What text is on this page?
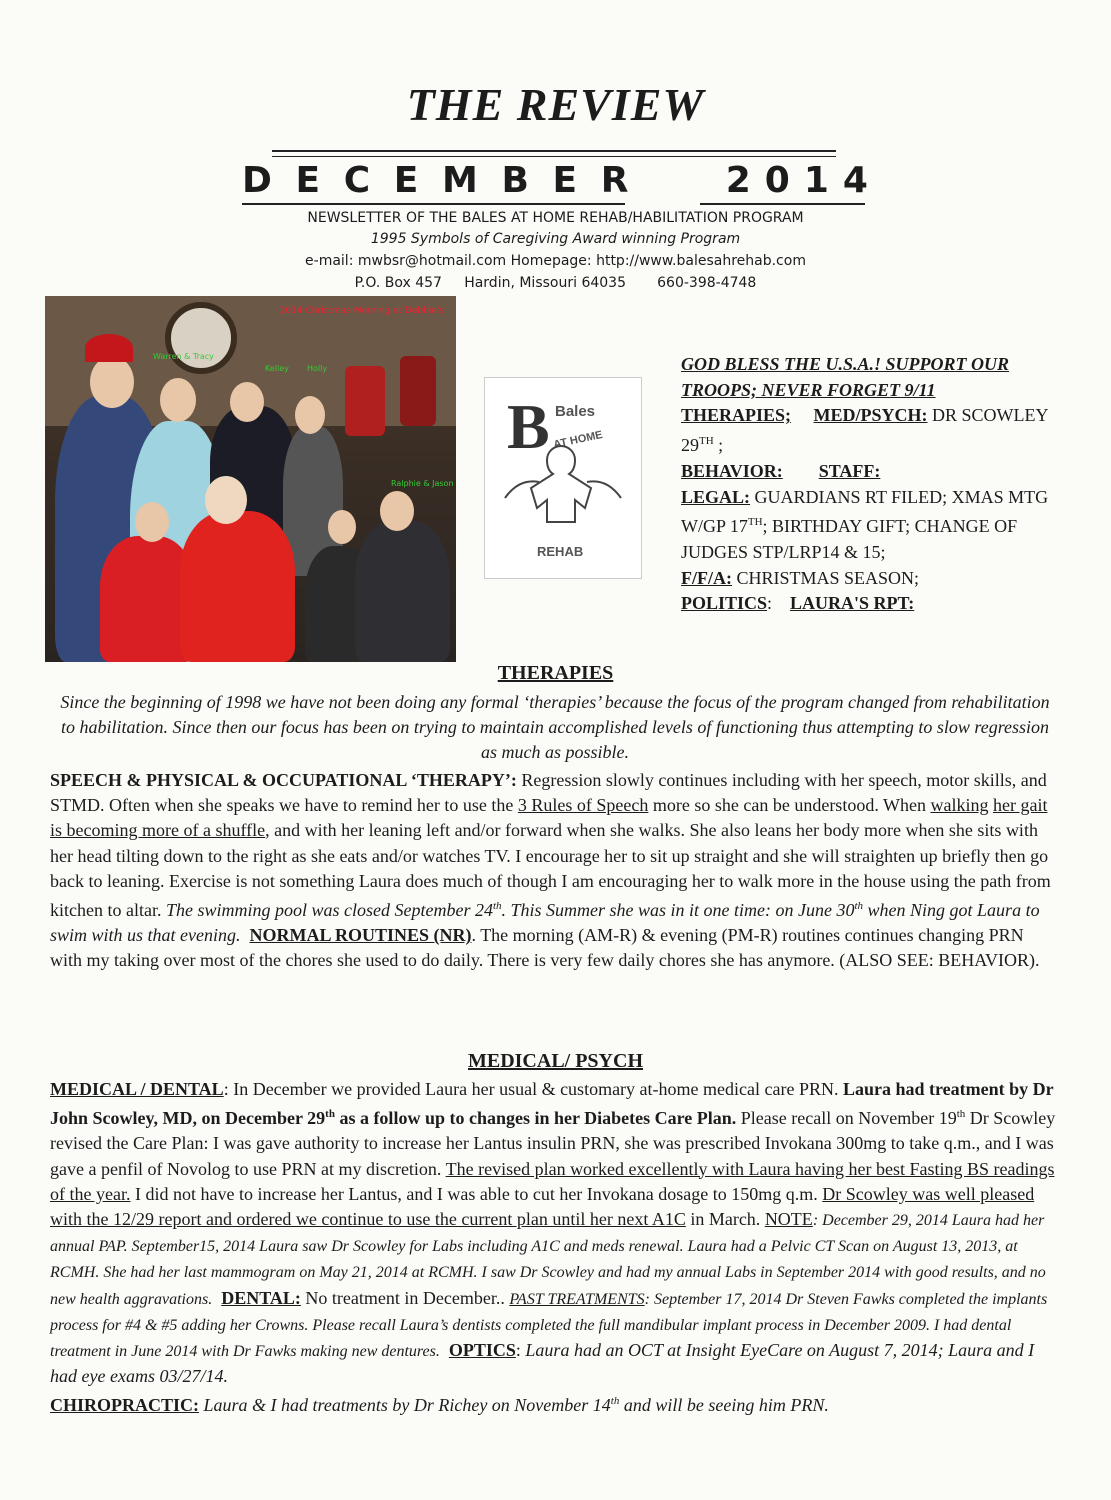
THE REVIEW
D E C E M B E R 2014
NEWSLETTER OF THE BALES AT HOME REHAB/HABILITATION PROGRAM
1995 Symbols of Caregiving Award winning Program
e-mail: mwbsr@hotmail.com Homepage: http://www.balesahrehab.com
P.O. Box 457 Hardin, Missouri 64035 660-398-4748
2014 Christmas Morning at Debbie's
Warren & Tracy
Kelley Holly
Ralphie & Jason
B Bales
AT HOME
REHAB
GOD BLESS THE U.S.A.! SUPPORT OUR TROOPS; NEVER FORGET 9/11
THERAPIES; MED/PSYCH: DR SCOWLEY 29TH ;
BEHAVIOR: STAFF:
LEGAL: GUARDIANS RT FILED; XMAS MTG W/GP 17TH; BIRTHDAY GIFT; CHANGE OF JUDGES STP/LRP14 & 15;
F/F/A: CHRISTMAS SEASON;
POLITICS: LAURA'S RPT:
THERAPIES
Since the beginning of 1998 we have not been doing any formal ‘therapies’ because the focus of the program changed from rehabilitation to habilitation. Since then our focus has been on trying to maintain accomplished levels of functioning thus attempting to slow regression as much as possible.
SPEECH & PHYSICAL & OCCUPATIONAL ‘THERAPY’: Regression slowly continues including with her speech, motor skills, and STMD. Often when she speaks we have to remind her to use the 3 Rules of Speech more so she can be understood. When walking her gait is becoming more of a shuffle, and with her leaning left and/or forward when she walks. She also leans her body more when she sits with her head tilting down to the right as she eats and/or watches TV. I encourage her to sit up straight and she will straighten up briefly then go back to leaning. Exercise is not something Laura does much of though I am encouraging her to walk more in the house using the path from kitchen to altar. The swimming pool was closed September 24th. This Summer she was in it one time: on June 30th when Ning got Laura to swim with us that evening. NORMAL ROUTINES (NR). The morning (AM-R) & evening (PM-R) routines continues changing PRN with my taking over most of the chores she used to do daily. There is very few daily chores she has anymore. (ALSO SEE: BEHAVIOR).
MEDICAL/ PSYCH
MEDICAL / DENTAL: In December we provided Laura her usual & customary at-home medical care PRN. Laura had treatment by Dr John Scowley, MD, on December 29th as a follow up to changes in her Diabetes Care Plan. Please recall on November 19th Dr Scowley revised the Care Plan: I was gave authority to increase her Lantus insulin PRN, she was prescribed Invokana 300mg to take q.m., and I was gave a penfil of Novolog to use PRN at my discretion. The revised plan worked excellently with Laura having her best Fasting BS readings of the year. I did not have to increase her Lantus, and I was able to cut her Invokana dosage to 150mg q.m. Dr Scowley was well pleased with the 12/29 report and ordered we continue to use the current plan until her next A1C in March. NOTE: December 29, 2014 Laura had her annual PAP. September15, 2014 Laura saw Dr Scowley for Labs including A1C and meds renewal. Laura had a Pelvic CT Scan on August 13, 2013, at RCMH. She had her last mammogram on May 21, 2014 at RCMH. I saw Dr Scowley and had my annual Labs in September 2014 with good results, and no new health aggravations. DENTAL: No treatment in December.. PAST TREATMENTS: September 17, 2014 Dr Steven Fawks completed the implants process for #4 & #5 adding her Crowns. Please recall Laura’s dentists completed the full mandibular implant process in December 2009. I had dental treatment in June 2014 with Dr Fawks making new dentures. OPTICS: Laura had an OCT at Insight EyeCare on August 7, 2014; Laura and I had eye exams 03/27/14.
CHIROPRACTIC: Laura & I had treatments by Dr Richey on November 14th and will be seeing him PRN.
